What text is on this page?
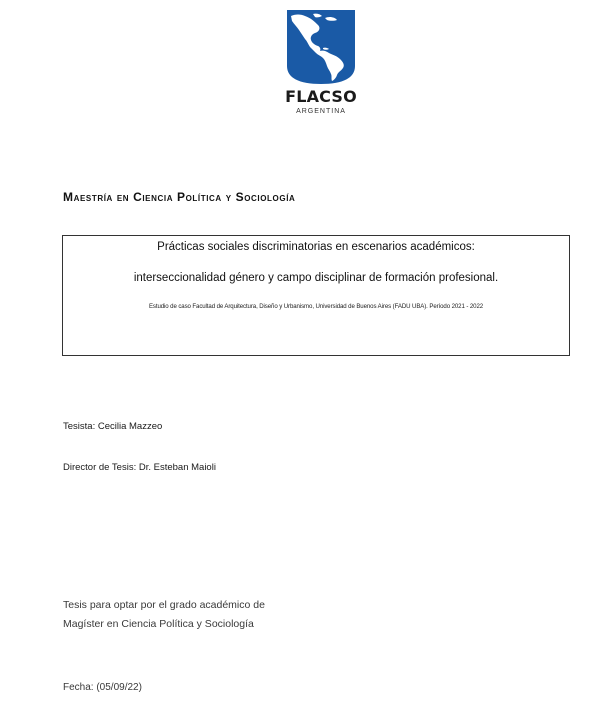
FLACSO
ARGENTINA
Maestría en Ciencia Política y Sociología
Prácticas sociales discriminatorias en escenarios académicos:
interseccionalidad género y campo disciplinar de formación profesional.
Estudio de caso Facultad de Arquitectura, Diseño y Urbanismo, Universidad de Buenos Aires (FADU UBA). Período 2021 - 2022
Tesista: Cecilia Mazzeo
Director de Tesis: Dr. Esteban Maioli
Tesis para optar por el grado académico de
Magíster en Ciencia Política y Sociología
Fecha: (05/09/22)
